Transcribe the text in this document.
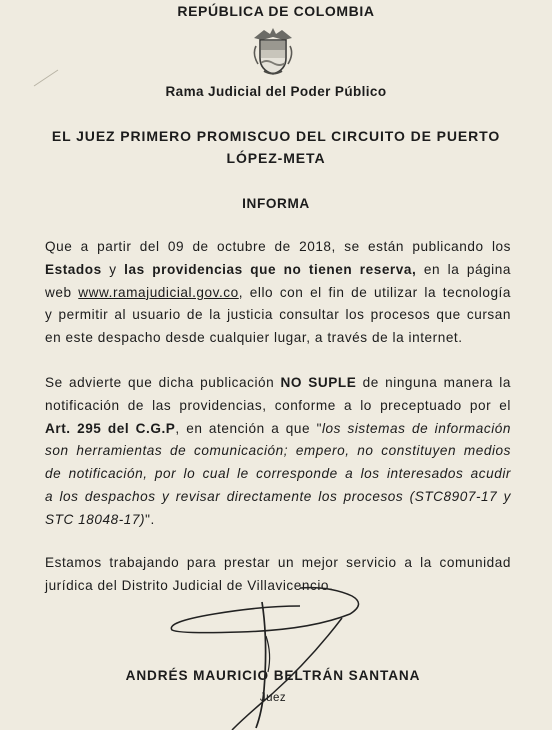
REPÚBLICA DE COLOMBIA
Rama Judicial del Poder Público
EL JUEZ PRIMERO PROMISCUO DEL CIRCUITO DE PUERTO
LÓPEZ-META
INFORMA
Que a partir del 09 de octubre de 2018, se están publicando los
Estados y las providencias que no tienen reserva, en la página
web www.ramajudicial.gov.co, ello con el fin de utilizar la tecnología
y permitir al usuario de la justicia consultar los procesos que cursan
en este despacho desde cualquier lugar, a través de la internet.
Se advierte que dicha publicación NO SUPLE de ninguna manera la
notificación de las providencias, conforme a lo preceptuado por el
Art. 295 del C.G.P, en atención a que "los sistemas de información
son herramientas de comunicación; empero, no constituyen medios
de notificación, por lo cual le corresponde a los interesados acudir
a los despachos y revisar directamente los procesos (STC8907-17 y
STC 18048-17)".
Estamos trabajando para prestar un mejor servicio a la comunidad
jurídica del Distrito Judicial de Villavicencio.
ANDRÉS MAURICIO BELTRÁN SANTANA
Juez
